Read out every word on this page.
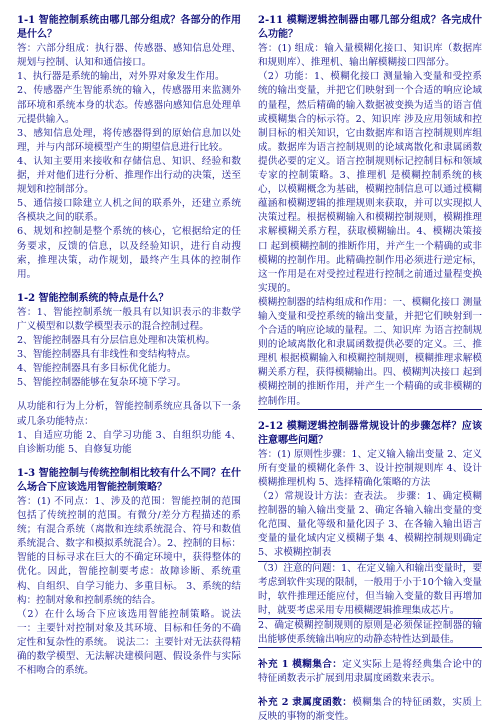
1-1 智能控制系统由哪几部分组成？各部分的作用是什么？

答：六部分组成：执行器、传感器、感知信息处理、规划与控制、认知和通信接口。

1、执行器是系统的输出，对外界对象发生作用。

2、传感器产生智能系统的输入，传感器用来监测外部环境和系统本身的状态。传感器向感知信息处理单元提供输入。

3、感知信息处理，将传感器得到的原始信息加以处理，并与内部环境模型产生的期望信息进行比较。

4、认知主要用来接收和存储信息、知识、经验和数据，并对他们进行分析、推理作出行动的决策，送至规划和控制部分。

5、通信接口除建立人机之间的联系外，还建立系统各模块之间的联系。

6、规划和控制是整个系统的核心，它根据给定的任务要求，反馈的信息，以及经验知识，进行自动搜索，推理决策，动作规划，最终产生具体的控制作用。

1-2 智能控制系统的特点是什么？

答：1、智能控制系统一般具有以知识表示的非数学广义模型和以数学模型表示的混合控制过程。

2、智能控制器具有分层信息处理和决策机构。

3、智能控制器具有非线性和变结构特点。

4、智能控制器具有多目标优化能力。

5、智能控制器能够在复杂环境下学习。

从功能和行为上分析，智能控制系统应具备以下一条或几条功能特点：

1、自适应功能 2、自学习功能 3、自组织功能 4、自诊断功能 5、自修复功能

1-3 智能控制与传统控制相比较有什么不同？在什么场合下应该选用智能控制策略？

答：(1) 不同点：1、涉及的范围：智能控制的范围包括了传统控制的范围。有微分/差分方程描述的系统；有混合系统（离散和连续系统混合、符号和数值系统混合、数字和模拟系统混合）。2、控制的目标：智能的目标寻求在巨大的不确定环境中，获得整体的优化。因此，智能控制要考虑：故障诊断、系统重构、自组织、自学习能力、多重目标。 3、系统的结构：控制对象和控制系统的结合。

（2）在什么场合下应该选用智能控制策略。说法一：主要针对控制对象及其环境、目标和任务的不确定性和复杂性的系统。 说法二：主要针对无法获得精确的数学模型、无法解决建模问题、假设条件与实际不相吻合的系统。

2-11 模糊逻辑控制器由哪几部分组成？各完成什么功能？

答：(1) 组成：输入量模糊化接口、知识库（数据库和规则库）、推理机、输出解模糊接口四部分。

（2）功能：1、模糊化接口 测量输入变量和受控系统的输出变量，并把它们映射到一个合适的响应论域的量程，然后精确的输入数据被变换为适当的语言值或模糊集合的标示符。2、知识库 涉及应用领域和控制目标的相关知识，它由数据库和语言控制规则库组成。数据库为语言控制规则的论域离散化和隶属函数提供必要的定义。语言控制规则标记控制目标和领域专家的控制策略。3、推理机 是模糊控制系统的核心，以模糊概念为基础，模糊控制信息可以通过模糊蕴涵和模糊逻辑的推理规则来获取，并可以实现拟人决策过程。根据模糊输入和模糊控制规则，模糊推理求解模糊关系方程，获取模糊输出。4、模糊决策接口 起到模糊控制的推断作用，并产生一个精确的或非模糊的控制作用。此精确控制作用必须进行逆定标，这一作用是在对受控过程进行控制之前通过量程变换实现的。

模糊控制器的结构组成和作用：一、模糊化接口 测量输入变量和受控系统的输出变量，并把它们映射到一个合适的响应论域的量程。二、知识库 为语言控制规则的论域离散化和隶属函数提供必要的定义。三、推理机 根据模糊输入和模糊控制规则，模糊推理求解模糊关系方程，获得模糊输出。四、模糊判决接口 起到模糊控制的推断作用，并产生一个精确的或非模糊的控制作用。

2-12 模糊逻辑控制器常规设计的步骤怎样？应该注意哪些问题？

答：(1) 原则性步骤：1、定义输入输出变量 2、定义所有变量的模糊化条件 3、设计控制规则库 4、设计模糊推理机构 5、选择精确化策略的方法

（2）常规设计方法：查表法。 步骤：1、确定模糊控制器的输入输出变量 2、确定各输入输出变量的变化范围、量化等级和量化因子 3、在各输入输出语言变量的量化域内定义模糊子集 4、模糊控制规则确定 5、求模糊控制表

（3）注意的问题：1、在定义输入和输出变量时，要考虑到软件实现的限制，一般用于小于10个输入变量时，软件推理还能应付，但当输入变量的数目再增加时，就要考虑采用专用模糊逻辑推理集成芯片。

2、确定模糊控制规则的原则是必须保证控制器的输出能够使系统输出响应的动静态特性达到最佳。

补充 1 模糊集合：定义实际上是将经典集合论中的特征函数表示扩展到用隶属度函数来表示。

补充 2 隶属度函数：模糊集合的特征函数，实质上反映的事物的渐变性。
